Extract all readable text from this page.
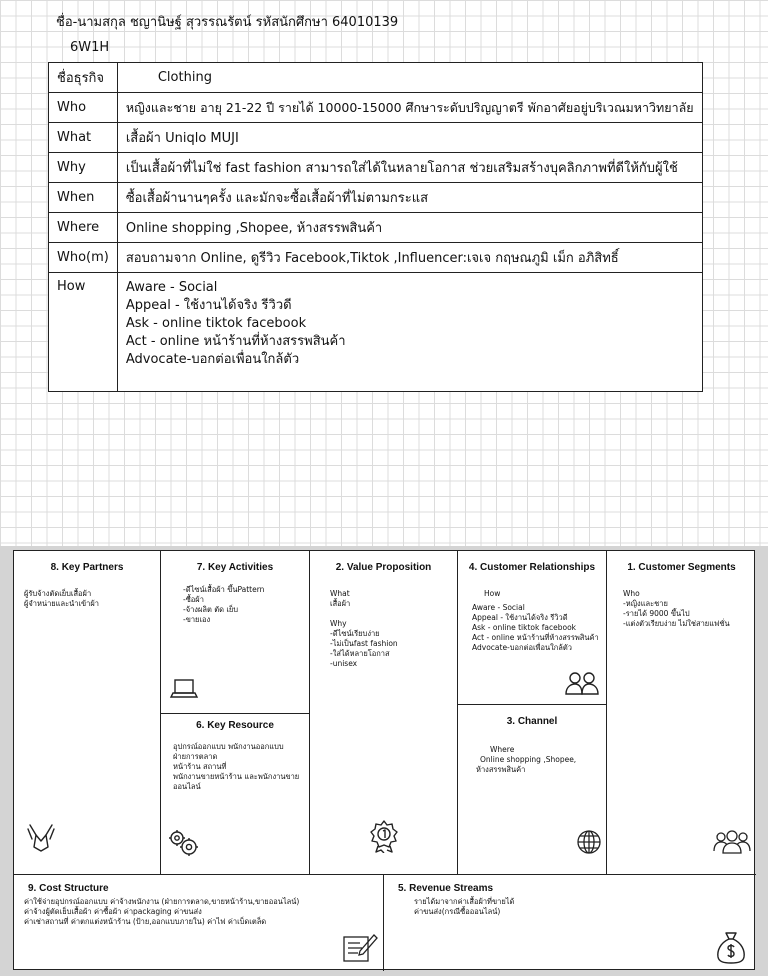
ชื่อ-นามสกุล ชญานิษฐ์ สุวรรณรัตน์ รหัสนักศึกษา 64010139
6W1H
ชื่อธุรกิจ	Clothing
Who	หญิงและชาย อายุ 21-22 ปี รายได้ 10000-15000 ศึกษาระดับปริญญาตรี พักอาศัยอยู่บริเวณมหาวิทยาลัย
What	เสื้อผ้า Uniqlo MUJI
Why	เป็นเสื้อผ้าที่ไม่ใช่ fast fashion สามารถใส่ได้ในหลายโอกาส ช่วยเสริมสร้างบุคลิกภาพที่ดีให้กับผู้ใช้
When	ซื้อเสื้อผ้านานๆครั้ง และมักจะซื้อเสื้อผ้าที่ไม่ตามกระแส
Where	Online shopping ,Shopee, ห้างสรรพสินค้า
Who(m)	สอบถามจาก Online, ดูรีวิว Facebook,Tiktok ,Influencer:เจเจ กฤษณภูมิ เม็ก อภิสิทธิ์
How	Aware - Social
Appeal - ใช้งานได้จริง รีวิวดี
Ask - online tiktok facebook
Act - online หน้าร้านที่ห้างสรรพสินค้า
Advocate-บอกต่อเพื่อนใกล้ตัว
8. Key Partners
ผู้รับจ้างตัดเย็บเสื้อผ้า
ผู้จำหน่ายและนำเข้าผ้า
7. Key Activities
-ดีไซน์เสื้อผ้า ขึ้นPattern
-ซื้อผ้า
-จ้างผลิต ตัด เย็บ
-ขายเอง
6. Key Resource
อุปกรณ์ออกแบบ พนักงานออกแบบ
ฝ่ายการตลาด
หน้าร้าน สถานที่
พนักงานขายหน้าร้าน และพนักงานขาย
ออนไลน์
2. Value Proposition
What
เสื้อผ้า
Why
-ดีไซน์เรียบง่าย
-ไม่เป็นfast fashion
-ใส่ได้หลายโอกาส
-unisex
4. Customer Relationships
How
Aware - Social
Appeal - ใช้งานได้จริง รีวิวดี
Ask - online tiktok facebook
Act - online หน้าร้านที่ห้างสรรพสินค้า
Advocate-บอกต่อเพื่อนใกล้ตัว
3. Channel
Where
Online shopping ,Shopee,
ห้างสรรพสินค้า
1. Customer Segments
Who
-หญิงและชาย
-รายได้ 9000 ขึ้นไป
-แต่งตัวเรียบง่าย ไม่ใช่สายแฟชั่น
9. Cost Structure
ค่าใช้จ่ายอุปกรณ์ออกแบบ ค่าจ้างพนักงาน (ฝ่ายการตลาด,ขายหน้าร้าน,ขายออนไลน์)
ค่าจ้างผู้ตัดเย็บเสื้อผ้า ค่าซื้อผ้า ค่าpackaging ค่าขนส่ง
ค่าเช่าสถานที่ ค่าตกแต่งหน้าร้าน (ป้าย,ออกแบบภายใน) ค่าไฟ ค่าเบ็ดเตล็ด
5. Revenue Streams
รายได้มาจากค่าเสื้อผ้าที่ขายได้
ค่าขนส่ง(กรณีซื้อออนไลน์)
